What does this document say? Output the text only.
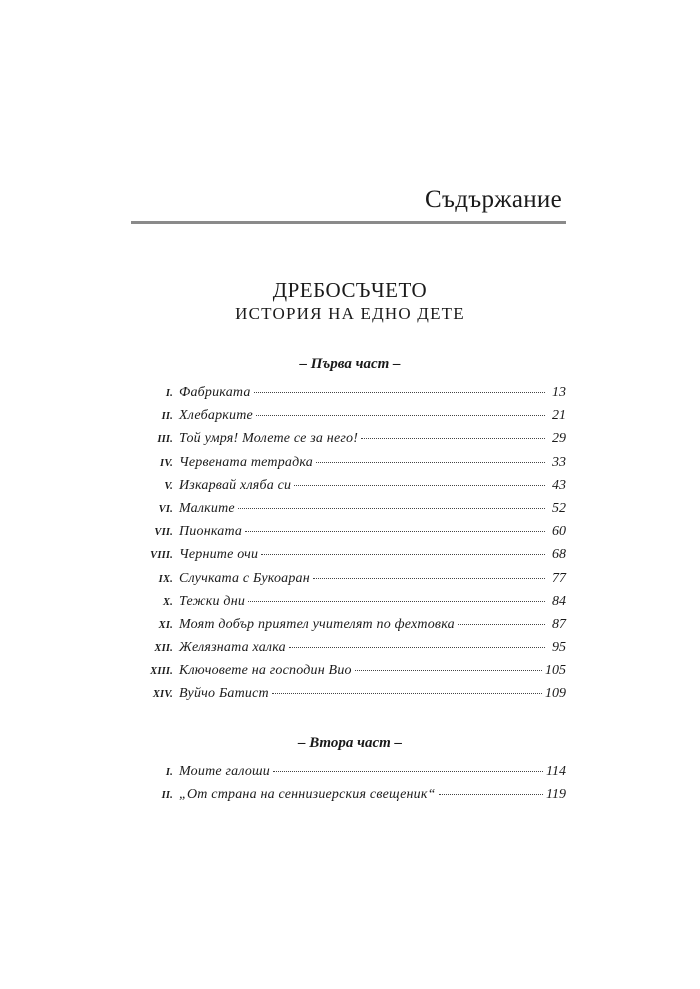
Съдържание
ДРЕБОСЪЧЕТО
ИСТОРИЯ НА ЕДНО ДЕТЕ
– Първа част –
I. Фабриката	13
II. Хлебарките	21
III. Той умря! Молете се за него!	29
IV. Червената тетрадка	33
V. Изкарвай хляба си	43
VI. Малките	52
VII. Пионката	60
VIII. Черните очи	68
IX. Случката с Букоаран	77
X. Тежки дни	84
XI. Моят добър приятел учителят по фехтовка	87
XII. Желязната халка	95
XIII. Ключовете на господин Вио	105
XIV. Вуйчо Батист	109
– Втора част –
I. Моите галоши	114
II. „От страна на сеннизиерския свещеник“	119
